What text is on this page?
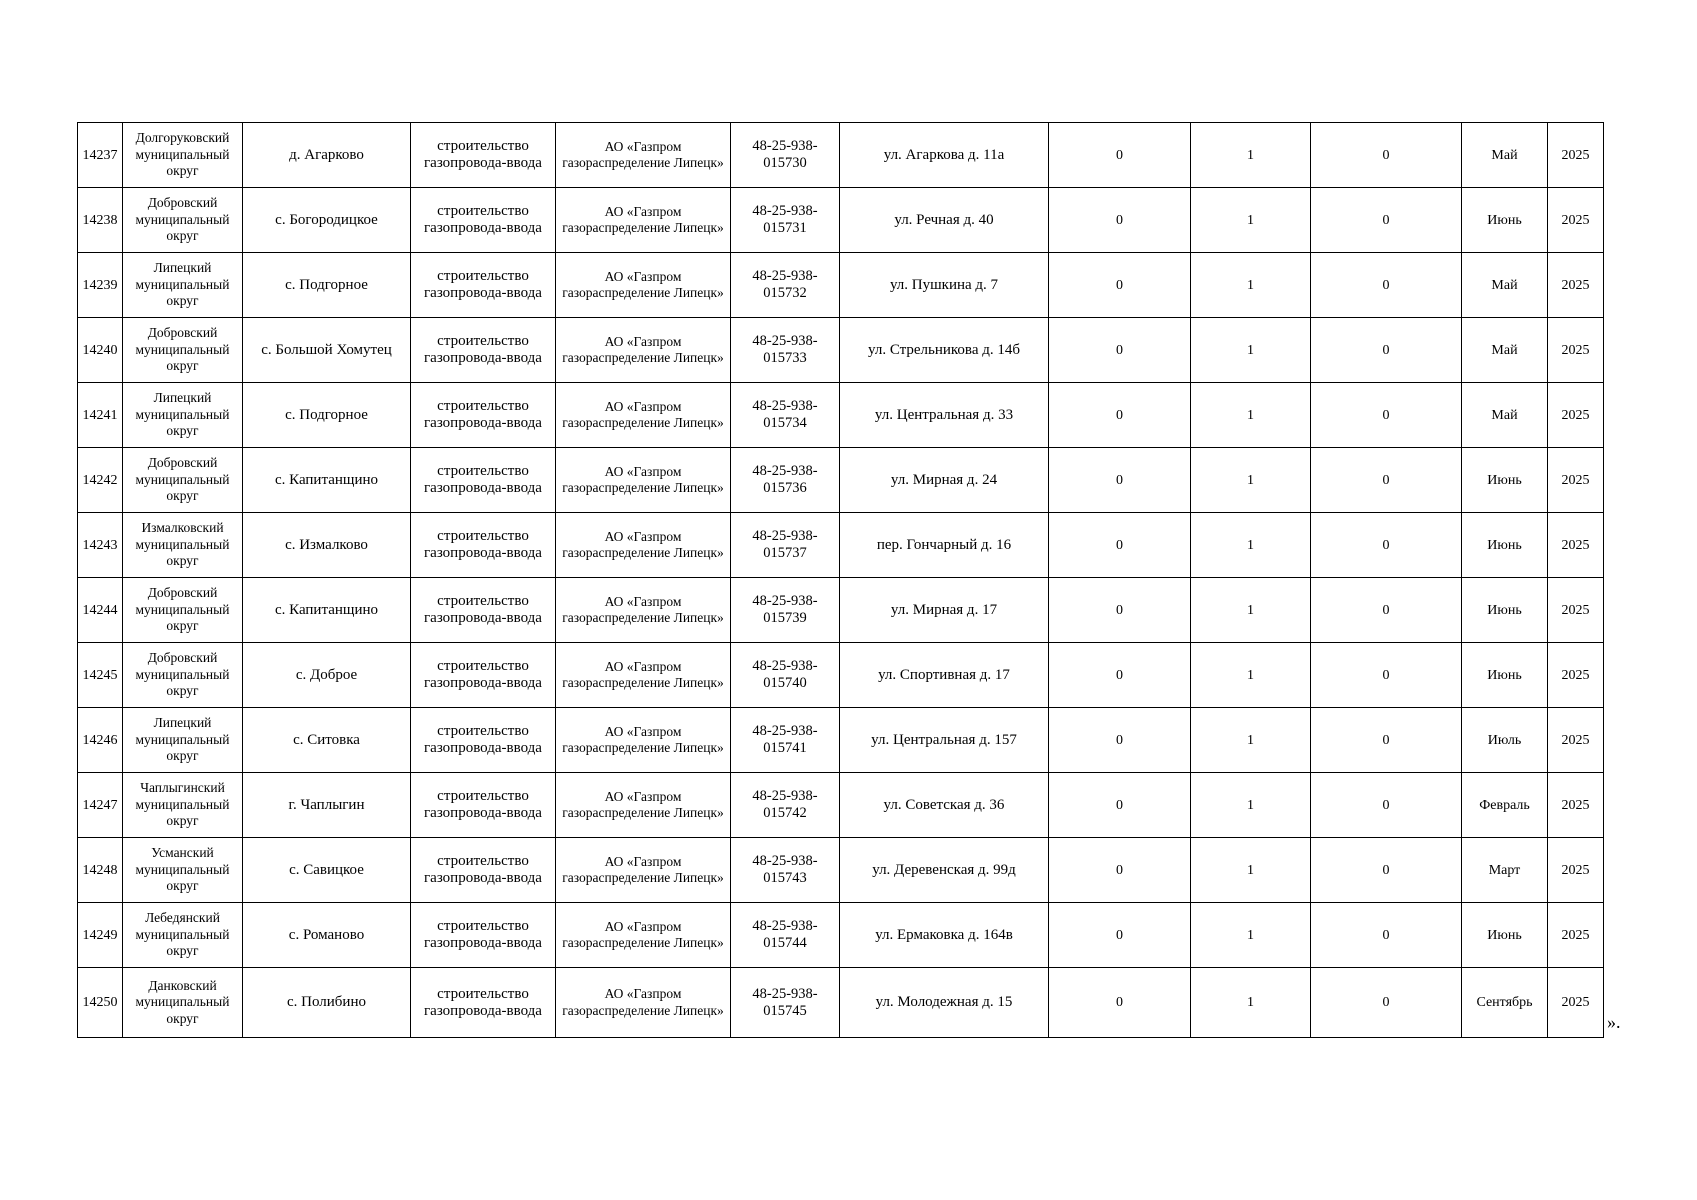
14237	Долгоруковский муниципальный округ	д. Агарково	строительство газопровода-ввода	АО «Газпром газораспределение Липецк»	48-25-938-015730	ул. Агаркова д. 11а	0	1	0	Май	2025
14238	Добровский муниципальный округ	с. Богородицкое	строительство газопровода-ввода	АО «Газпром газораспределение Липецк»	48-25-938-015731	ул. Речная д. 40	0	1	0	Июнь	2025
14239	Липецкий муниципальный округ	с. Подгорное	строительство газопровода-ввода	АО «Газпром газораспределение Липецк»	48-25-938-015732	ул. Пушкина д. 7	0	1	0	Май	2025
14240	Добровский муниципальный округ	с. Большой Хомутец	строительство газопровода-ввода	АО «Газпром газораспределение Липецк»	48-25-938-015733	ул. Стрельникова д. 14б	0	1	0	Май	2025
14241	Липецкий муниципальный округ	с. Подгорное	строительство газопровода-ввода	АО «Газпром газораспределение Липецк»	48-25-938-015734	ул. Центральная д. 33	0	1	0	Май	2025
14242	Добровский муниципальный округ	с. Капитанщино	строительство газопровода-ввода	АО «Газпром газораспределение Липецк»	48-25-938-015736	ул. Мирная д. 24	0	1	0	Июнь	2025
14243	Измалковский муниципальный округ	с. Измалково	строительство газопровода-ввода	АО «Газпром газораспределение Липецк»	48-25-938-015737	пер. Гончарный д. 16	0	1	0	Июнь	2025
14244	Добровский муниципальный округ	с. Капитанщино	строительство газопровода-ввода	АО «Газпром газораспределение Липецк»	48-25-938-015739	ул. Мирная д. 17	0	1	0	Июнь	2025
14245	Добровский муниципальный округ	с. Доброе	строительство газопровода-ввода	АО «Газпром газораспределение Липецк»	48-25-938-015740	ул. Спортивная д. 17	0	1	0	Июнь	2025
14246	Липецкий муниципальный округ	с. Ситовка	строительство газопровода-ввода	АО «Газпром газораспределение Липецк»	48-25-938-015741	ул. Центральная д. 157	0	1	0	Июль	2025
14247	Чаплыгинский муниципальный округ	г. Чаплыгин	строительство газопровода-ввода	АО «Газпром газораспределение Липецк»	48-25-938-015742	ул. Советская д. 36	0	1	0	Февраль	2025
14248	Усманский муниципальный округ	с. Савицкое	строительство газопровода-ввода	АО «Газпром газораспределение Липецк»	48-25-938-015743	ул. Деревенская д. 99д	0	1	0	Март	2025
14249	Лебедянский муниципальный округ	с. Романово	строительство газопровода-ввода	АО «Газпром газораспределение Липецк»	48-25-938-015744	ул. Ермаковка д. 164в	0	1	0	Июнь	2025
14250	Данковский муниципальный округ	с. Полибино	строительство газопровода-ввода	АО «Газпром газораспределение Липецк»	48-25-938-015745	ул. Молодежная д. 15	0	1	0	Сентябрь	2025
».
